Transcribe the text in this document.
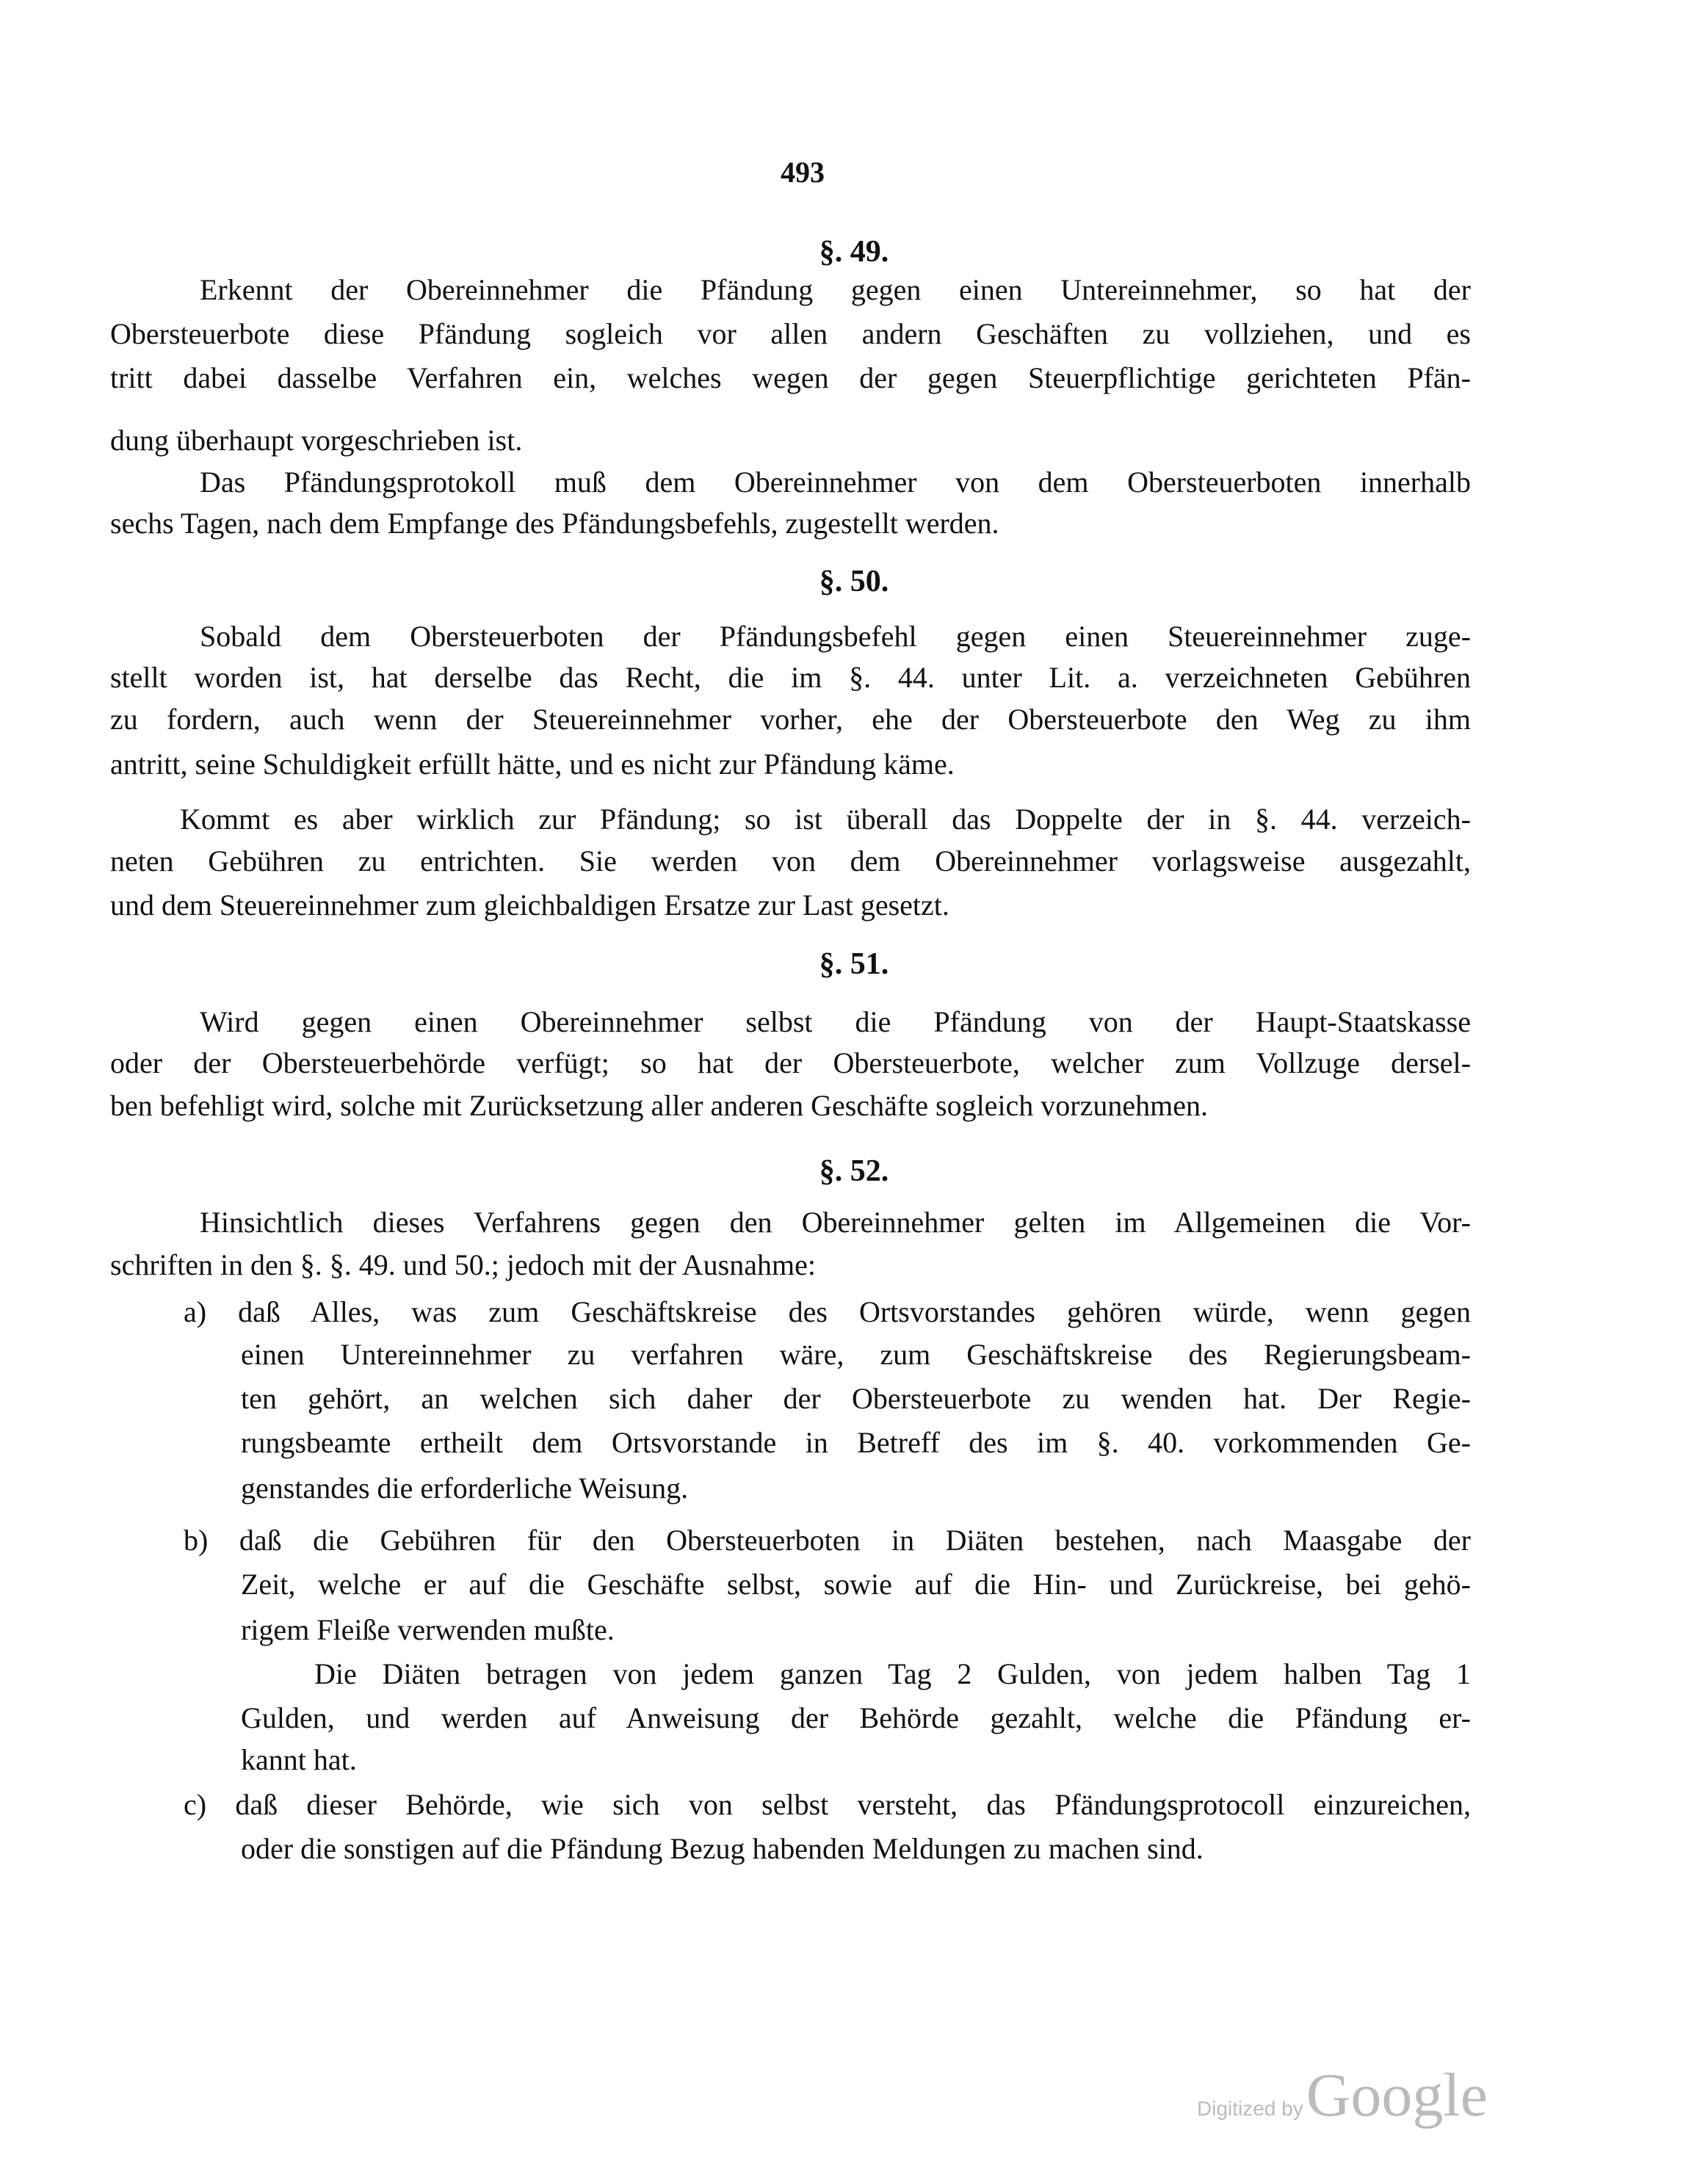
493
§. 49.
Erkennt der Obereinnehmer die Pfändung gegen einen Untereinnehmer, so hat der
Obersteuerbote diese Pfändung sogleich vor allen andern Geschäften zu vollziehen, und es
tritt dabei dasselbe Verfahren ein, welches wegen der gegen Steuerpflichtige gerichteten Pfän-
dung überhaupt vorgeschrieben ist.
Das Pfändungsprotokoll muß dem Obereinnehmer von dem Obersteuerboten innerhalb
sechs Tagen, nach dem Empfange des Pfändungsbefehls, zugestellt werden.
§. 50.
Sobald dem Obersteuerboten der Pfändungsbefehl gegen einen Steuereinnehmer zuge-
stellt worden ist, hat derselbe das Recht, die im §. 44. unter Lit. a. verzeichneten Gebühren
zu fordern, auch wenn der Steuereinnehmer vorher, ehe der Obersteuerbote den Weg zu ihm
antritt, seine Schuldigkeit erfüllt hätte, und es nicht zur Pfändung käme.
Kommt es aber wirklich zur Pfändung; so ist überall das Doppelte der in §. 44. verzeich-
neten Gebühren zu entrichten. Sie werden von dem Obereinnehmer vorlagsweise ausgezahlt,
und dem Steuereinnehmer zum gleichbaldigen Ersatze zur Last gesetzt.
§. 51.
Wird gegen einen Obereinnehmer selbst die Pfändung von der Haupt-Staatskasse
oder der Obersteuerbehörde verfügt; so hat der Obersteuerbote, welcher zum Vollzuge dersel-
ben befehligt wird, solche mit Zurücksetzung aller anderen Geschäfte sogleich vorzunehmen.
§. 52.
Hinsichtlich dieses Verfahrens gegen den Obereinnehmer gelten im Allgemeinen die Vor-
schriften in den §. §. 49. und 50.; jedoch mit der Ausnahme:
a) daß Alles, was zum Geschäftskreise des Ortsvorstandes gehören würde, wenn gegen
einen Untereinnehmer zu verfahren wäre, zum Geschäftskreise des Regierungsbeam-
ten gehört, an welchen sich daher der Obersteuerbote zu wenden hat. Der Regie-
rungsbeamte ertheilt dem Ortsvorstande in Betreff des im §. 40. vorkommenden Ge-
genstandes die erforderliche Weisung.
b) daß die Gebühren für den Obersteuerboten in Diäten bestehen, nach Maasgabe der
Zeit, welche er auf die Geschäfte selbst, sowie auf die Hin- und Zurückreise, bei gehö-
rigem Fleiße verwenden mußte.
Die Diäten betragen von jedem ganzen Tag 2 Gulden, von jedem halben Tag 1
Gulden, und werden auf Anweisung der Behörde gezahlt, welche die Pfändung er-
kannt hat.
c) daß dieser Behörde, wie sich von selbst versteht, das Pfändungsprotocoll einzureichen,
oder die sonstigen auf die Pfändung Bezug habenden Meldungen zu machen sind.
Digitized by Google
